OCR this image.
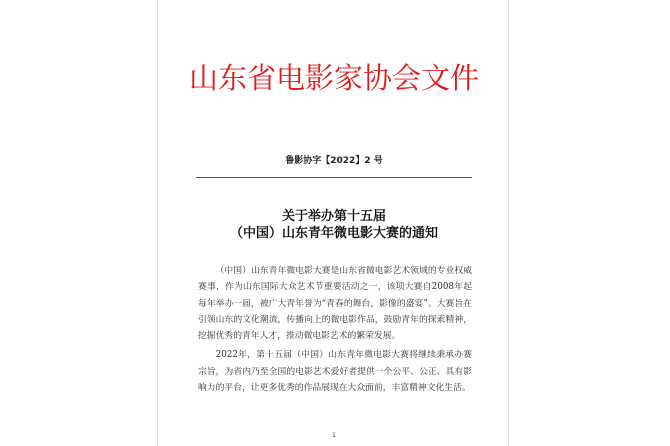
山东省电影家协会文件
鲁影协字【2022】2 号
关于举办第十五届
（中国）山东青年微电影大赛的通知

（中国）山东青年微电影大赛是山东省微电影艺术领域的专业权威赛事，作为山东国际大众艺术节重要活动之一，该项大赛自2008年起每年举办一届，被广大青年誉为“青春的舞台，影像的盛宴”。大赛旨在引领山东的文化潮流，传播向上的微电影作品，鼓励青年的探索精神，挖掘优秀的青年人才，推动微电影艺术的繁荣发展。

2022年，第十五届（中国）山东青年微电影大赛将继续秉承办赛宗旨，为省内乃至全国的电影艺术爱好者提供一个公平、公正、具有影响力的平台，让更多优秀的作品展现在大众面前，丰富精神文化生活。

1
